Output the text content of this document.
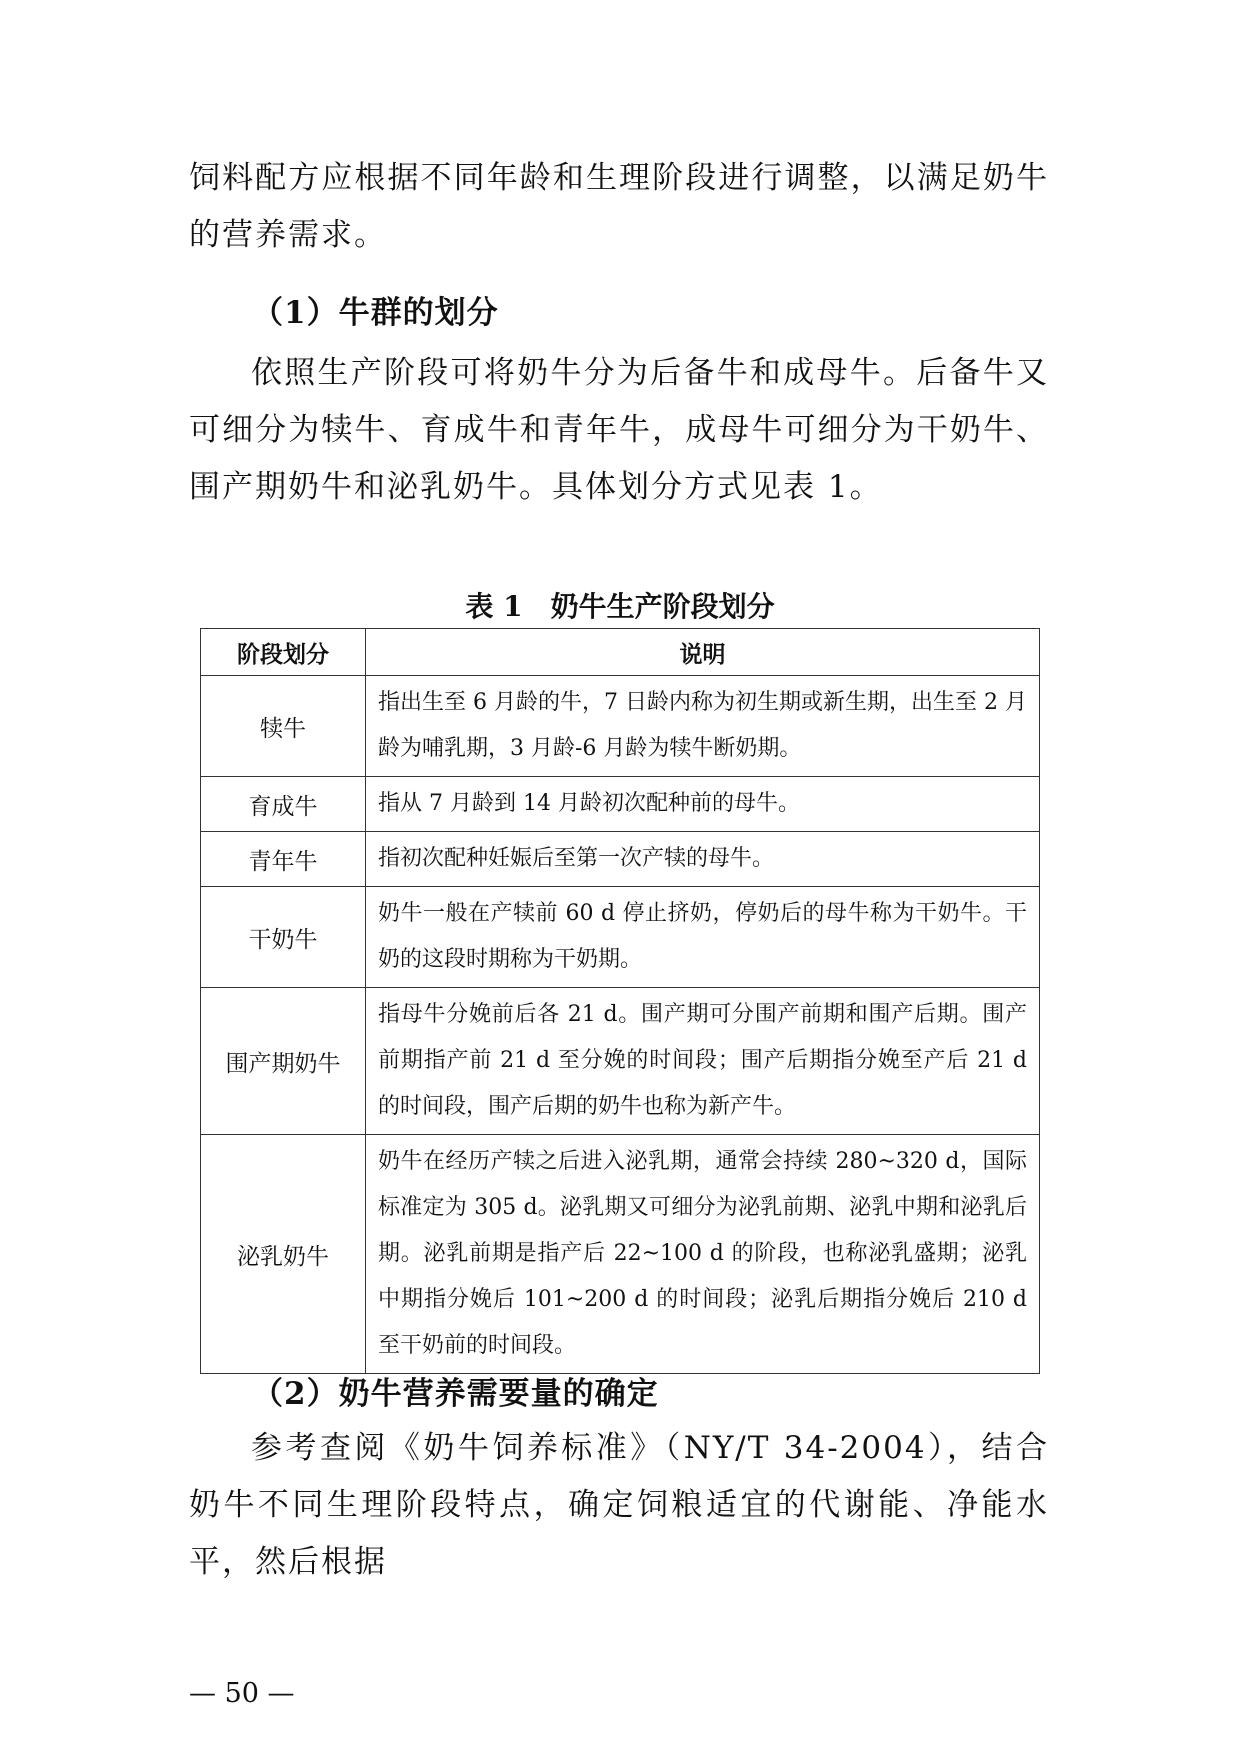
饲料配方应根据不同年龄和生理阶段进行调整，以满足奶牛的营养需求。

（1）牛群的划分

依照生产阶段可将奶牛分为后备牛和成母牛。后备牛又可细分为犊牛、育成牛和青年牛，成母牛可细分为干奶牛、围产期奶牛和泌乳奶牛。具体划分方式见表 1。

表 1　奶牛生产阶段划分
阶段划分	说明
犊牛	指出生至 6 月龄的牛，7 日龄内称为初生期或新生期，出生至 2 月龄为哺乳期，3 月龄-6 月龄为犊牛断奶期。
育成牛	指从 7 月龄到 14 月龄初次配种前的母牛。
青年牛	指初次配种妊娠后至第一次产犊的母牛。
干奶牛	奶牛一般在产犊前 60 d 停止挤奶，停奶后的母牛称为干奶牛。干奶的这段时期称为干奶期。
围产期奶牛	指母牛分娩前后各 21 d。围产期可分围产前期和围产后期。围产前期指产前 21 d 至分娩的时间段；围产后期指分娩至产后 21 d 的时间段，围产后期的奶牛也称为新产牛。
泌乳奶牛	奶牛在经历产犊之后进入泌乳期，通常会持续 280~320 d，国际标准定为 305 d。泌乳期又可细分为泌乳前期、泌乳中期和泌乳后期。泌乳前期是指产后 22~100 d 的阶段，也称泌乳盛期；泌乳中期指分娩后 101~200 d 的时间段；泌乳后期指分娩后 210 d 至干奶前的时间段。
（2）奶牛营养需要量的确定

参考查阅《奶牛饲养标准》（NY/T 34-2004），结合奶牛不同生理阶段特点，确定饲粮适宜的代谢能、净能水平，然后根据

— 50 —
